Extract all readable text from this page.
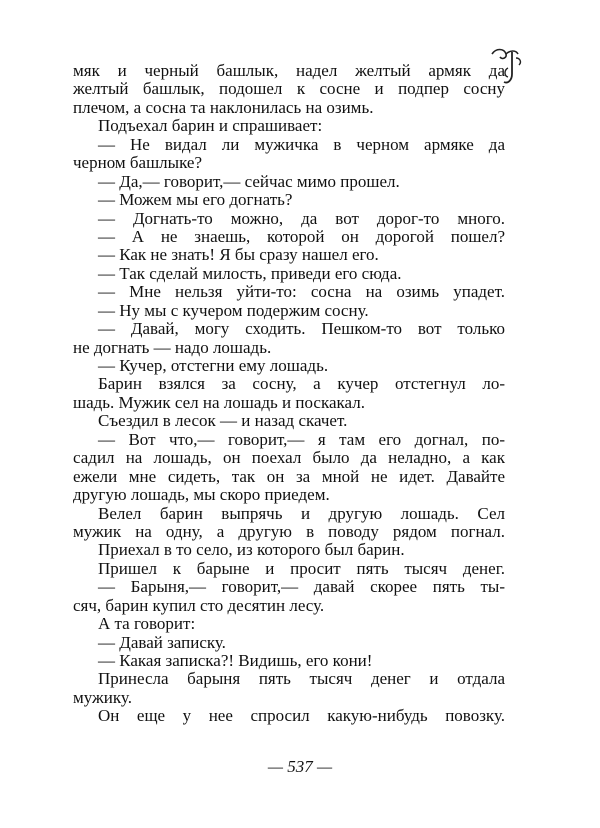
мяк и черный башлык, надел желтый армяк да
желтый башлык, подошел к сосне и подпер сосну
плечом, а сосна та наклонилась на озимь.
Подъехал барин и спрашивает:
— Не видал ли мужичка в черном армяке да
черном башлыке?
— Да,— говорит,— сейчас мимо прошел.
— Можем мы его догнать?
— Догнать-то можно, да вот дорог-то много.
— А не знаешь, которой он дорогой пошел?
— Как не знать! Я бы сразу нашел его.
— Так сделай милость, приведи его сюда.
— Мне нельзя уйти-то: сосна на озимь упадет.
— Ну мы с кучером подержим сосну.
— Давай, могу сходить. Пешком-то вот только
не догнать — надо лошадь.
— Кучер, отстегни ему лошадь.
Барин взялся за сосну, а кучер отстегнул ло-
шадь. Мужик сел на лошадь и поскакал.
Съездил в лесок — и назад скачет.
— Вот что,— говорит,— я там его догнал, по-
садил на лошадь, он поехал было да неладно, а как
ежели мне сидеть, так он за мной не идет. Давайте
другую лошадь, мы скоро приедем.
Велел барин выпрячь и другую лошадь. Сел
мужик на одну, а другую в поводу рядом погнал.
Приехал в то село, из которого был барин.
Пришел к барыне и просит пять тысяч денег.
— Барыня,— говорит,— давай скорее пять ты-
сяч, барин купил сто десятин лесу.
А та говорит:
— Давай записку.
— Какая записка?! Видишь, его кони!
Принесла барыня пять тысяч денег и отдала
мужику.
Он еще у нее спросил какую-нибудь повозку.
— 537 —
